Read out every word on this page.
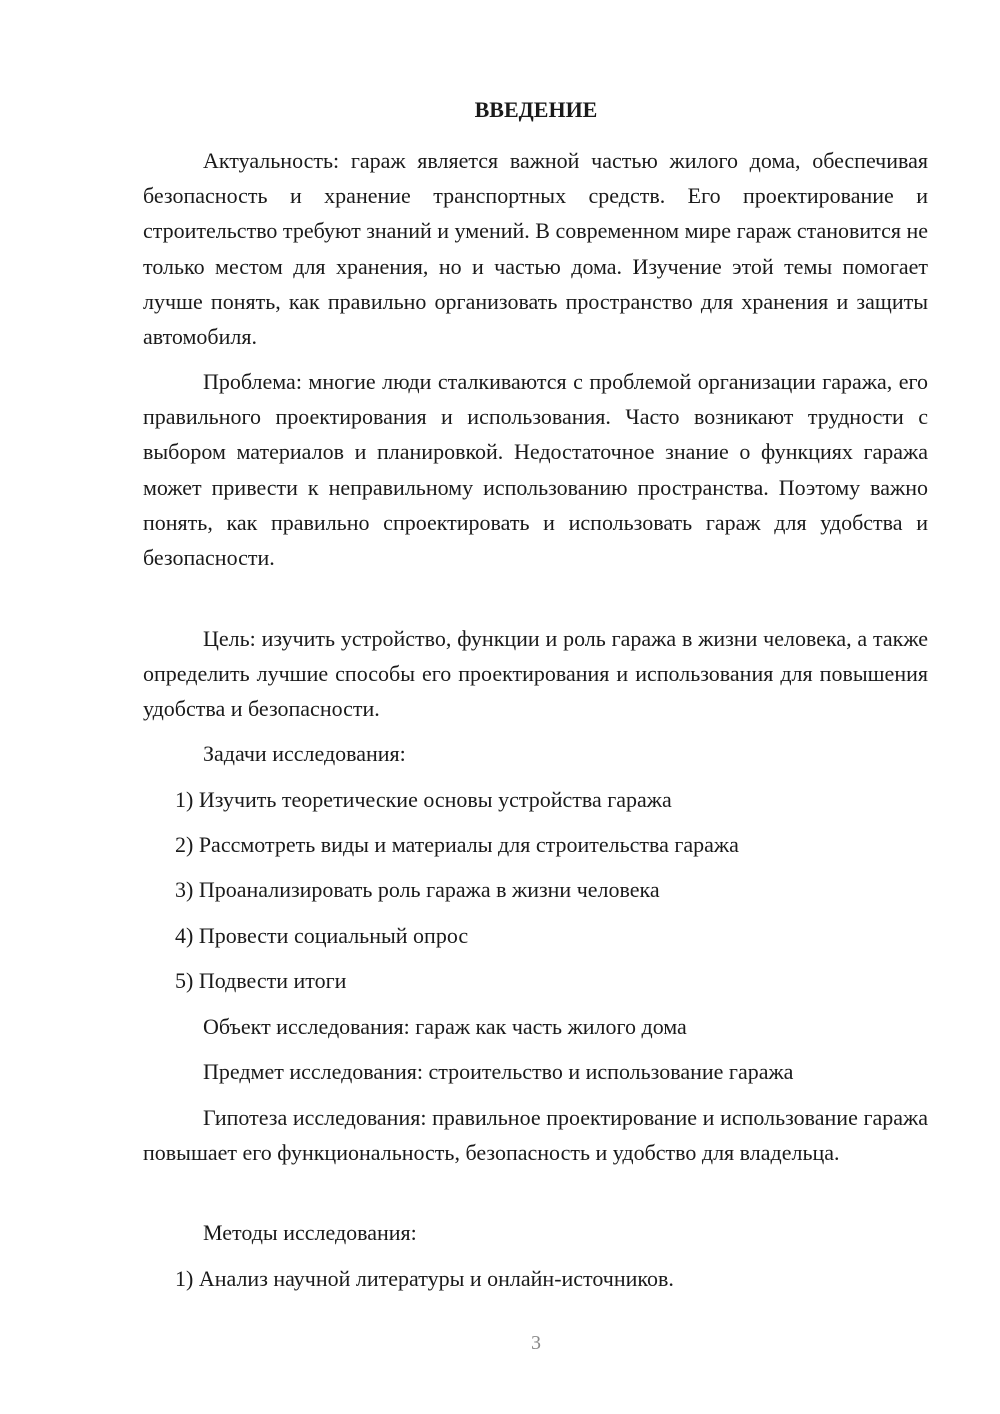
ВВЕДЕНИЕ

Актуальность: гараж является важной частью жилого дома, обеспечивая безопасность и хранение транспортных средств. Его проектирование и строительство требуют знаний и умений. В современном мире гараж становится не только местом для хранения, но и частью дома. Изучение этой темы помогает лучше понять, как правильно организовать пространство для хранения и защиты автомобиля.

Проблема: многие люди сталкиваются с проблемой организации гаража, его правильного проектирования и использования. Часто возникают трудности с выбором материалов и планировкой. Недостаточное знание о функциях гаража может привести к неправильному использованию пространства. Поэтому важно понять, как правильно спроектировать и использовать гараж для удобства и безопасности.

Цель: изучить устройство, функции и роль гаража в жизни человека, а также определить лучшие способы его проектирования и использования для повышения удобства и безопасности.

Задачи исследования:

1) Изучить теоретические основы устройства гаража

2) Рассмотреть виды и материалы для строительства гаража

3) Проанализировать роль гаража в жизни человека

4) Провести социальный опрос

5) Подвести итоги

Объект исследования: гараж как часть жилого дома

Предмет исследования: строительство и использование гаража

Гипотеза исследования: правильное проектирование и использование гаража повышает его функциональность, безопасность и удобство для владельца.

Методы исследования:

1) Анализ научной литературы и онлайн-источников.

3
